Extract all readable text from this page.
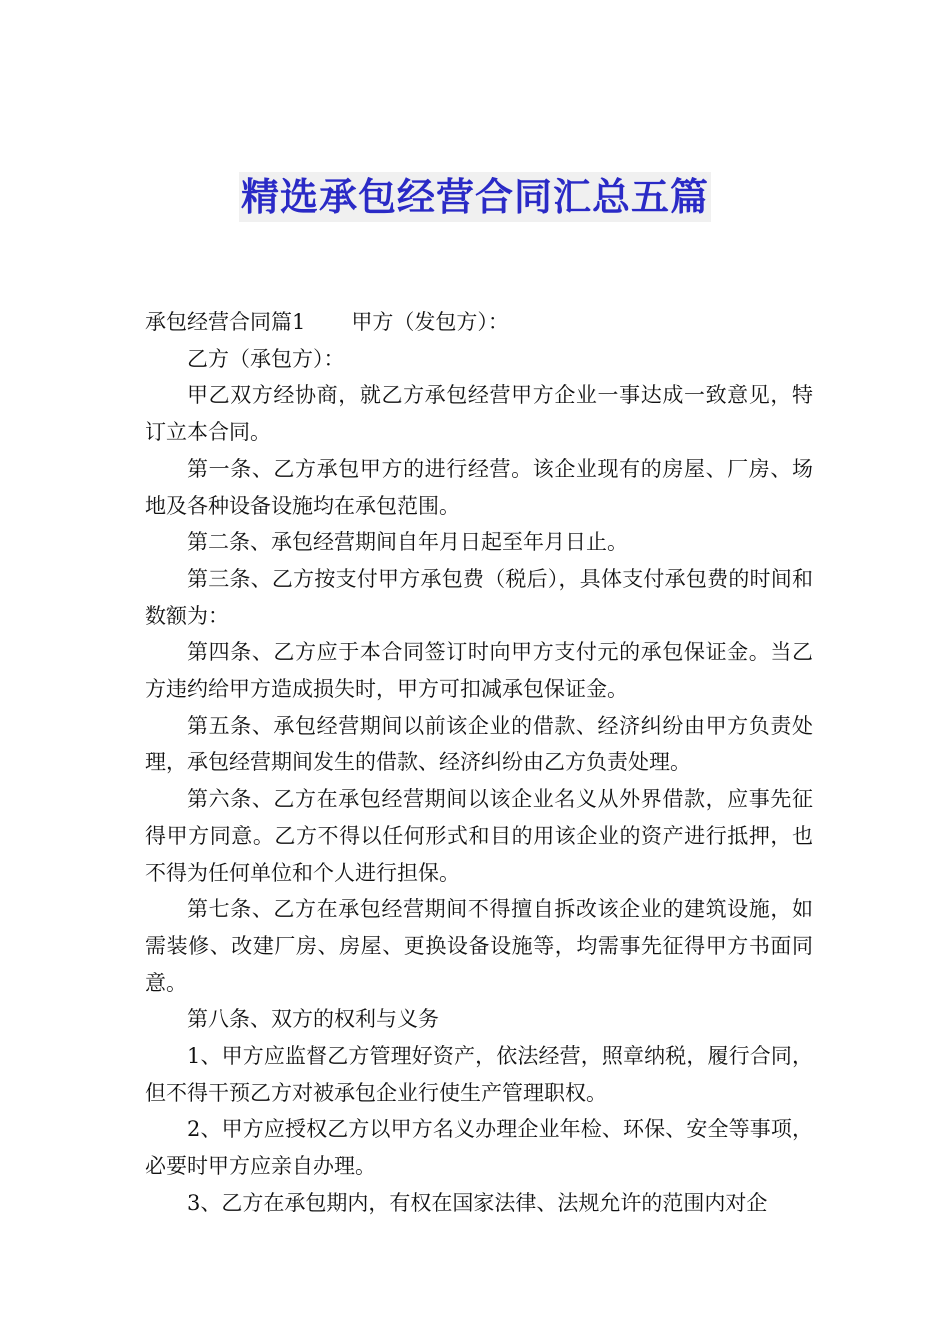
精选承包经营合同汇总五篇

承包经营合同篇1 甲方（发包方）：

乙方（承包方）：

甲乙双方经协商，就乙方承包经营甲方企业一事达成一致意见，特订立本合同。

第一条、乙方承包甲方的进行经营。该企业现有的房屋、厂房、场地及各种设备设施均在承包范围。

第二条、承包经营期间自年月日起至年月日止。

第三条、乙方按支付甲方承包费（税后），具体支付承包费的时间和数额为：

第四条、乙方应于本合同签订时向甲方支付元的承包保证金。当乙方违约给甲方造成损失时，甲方可扣减承包保证金。

第五条、承包经营期间以前该企业的借款、经济纠纷由甲方负责处理，承包经营期间发生的借款、经济纠纷由乙方负责处理。

第六条、乙方在承包经营期间以该企业名义从外界借款，应事先征得甲方同意。乙方不得以任何形式和目的用该企业的资产进行抵押，也不得为任何单位和个人进行担保。

第七条、乙方在承包经营期间不得擅自拆改该企业的建筑设施，如需装修、改建厂房、房屋、更换设备设施等，均需事先征得甲方书面同意。

第八条、双方的权利与义务

1、甲方应监督乙方管理好资产，依法经营，照章纳税，履行合同，但不得干预乙方对被承包企业行使生产管理职权。

2、甲方应授权乙方以甲方名义办理企业年检、环保、安全等事项，必要时甲方应亲自办理。

3、乙方在承包期内，有权在国家法律、法规允许的范围内对企
